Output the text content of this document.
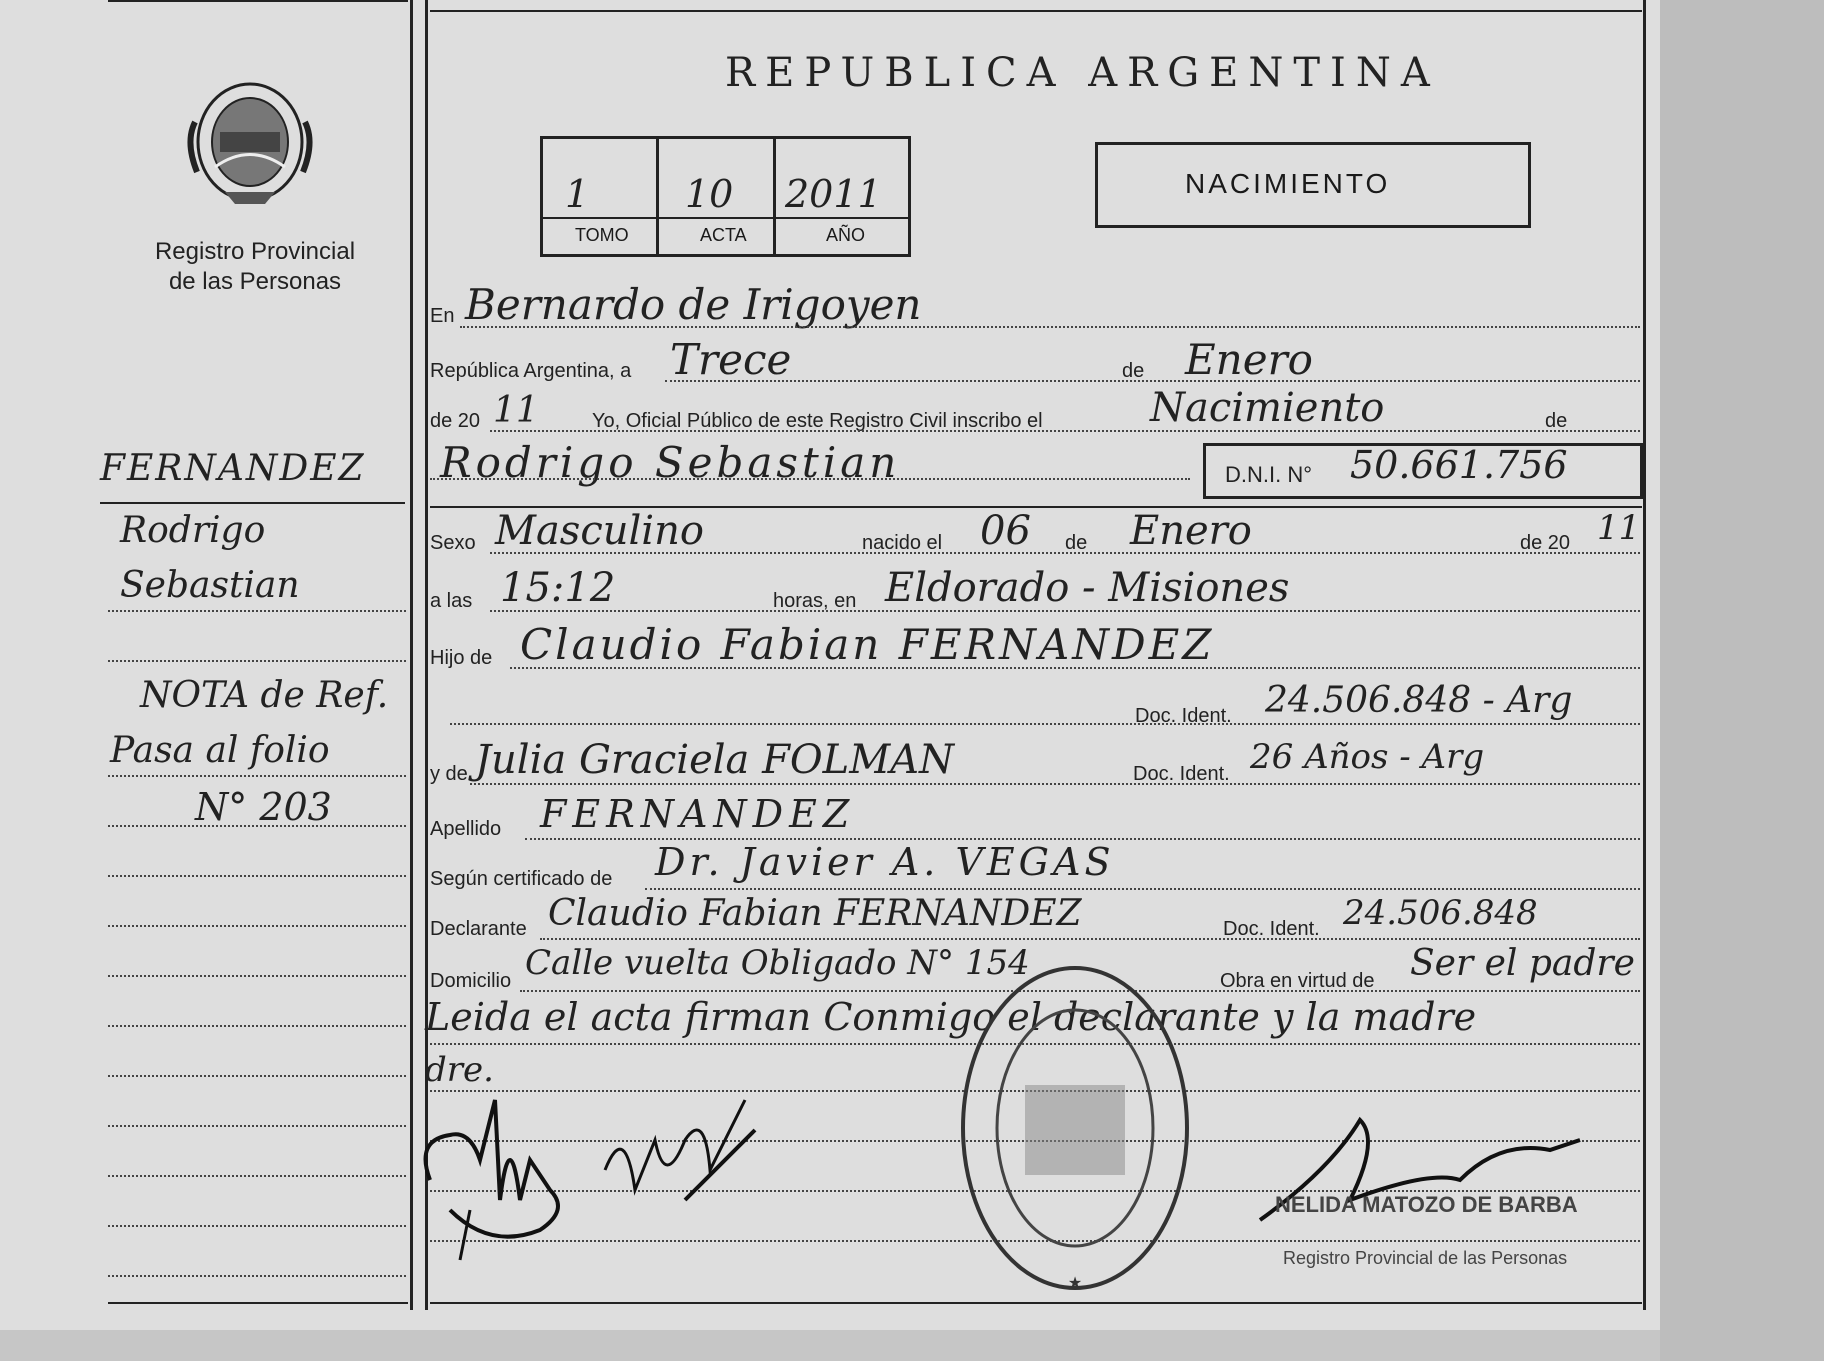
Registro Provincial
de las Personas
REPUBLICA ARGENTINA
1	10 2011
TOMO	ACTA	AÑO
NACIMIENTO
En Bernardo de Irigoyen
República Argentina, a Trece	de Enero
de 20 11	Yo, Oficial Público de este Registro Civil inscribo el	Nacimiento	de
Rodrigo Sebastian	D.N.I. N° 50.661.756
Sexo Masculino	nacido el 06 de Enero	de 20 11
a las 15:12	horas, en Eldorado - Misiones
Hijo de Claudio Fabian FERNANDEZ
Doc. Ident. 24.506.848 - Arg
y de Julia Graciela FOLMAN	Doc. Ident. 26 Años - Arg
Apellido FERNANDEZ
Según certificado de Dr. Javier A. VEGAS
Declarante Claudio Fabian FERNANDEZ	Doc. Ident. 24.506.848
Domicilio Calle vuelta Obligado N° 154	Obra en virtud de Ser el padre
Leida el acta firman Conmigo el declarante y la madre
dre.
FERNANDEZ
Rodrigo
Sebastian
NOTA de Ref.
Pasa al folio
N° 203
★
NELIDA MATOZO DE BARBA
Registro Provincial de las Personas
